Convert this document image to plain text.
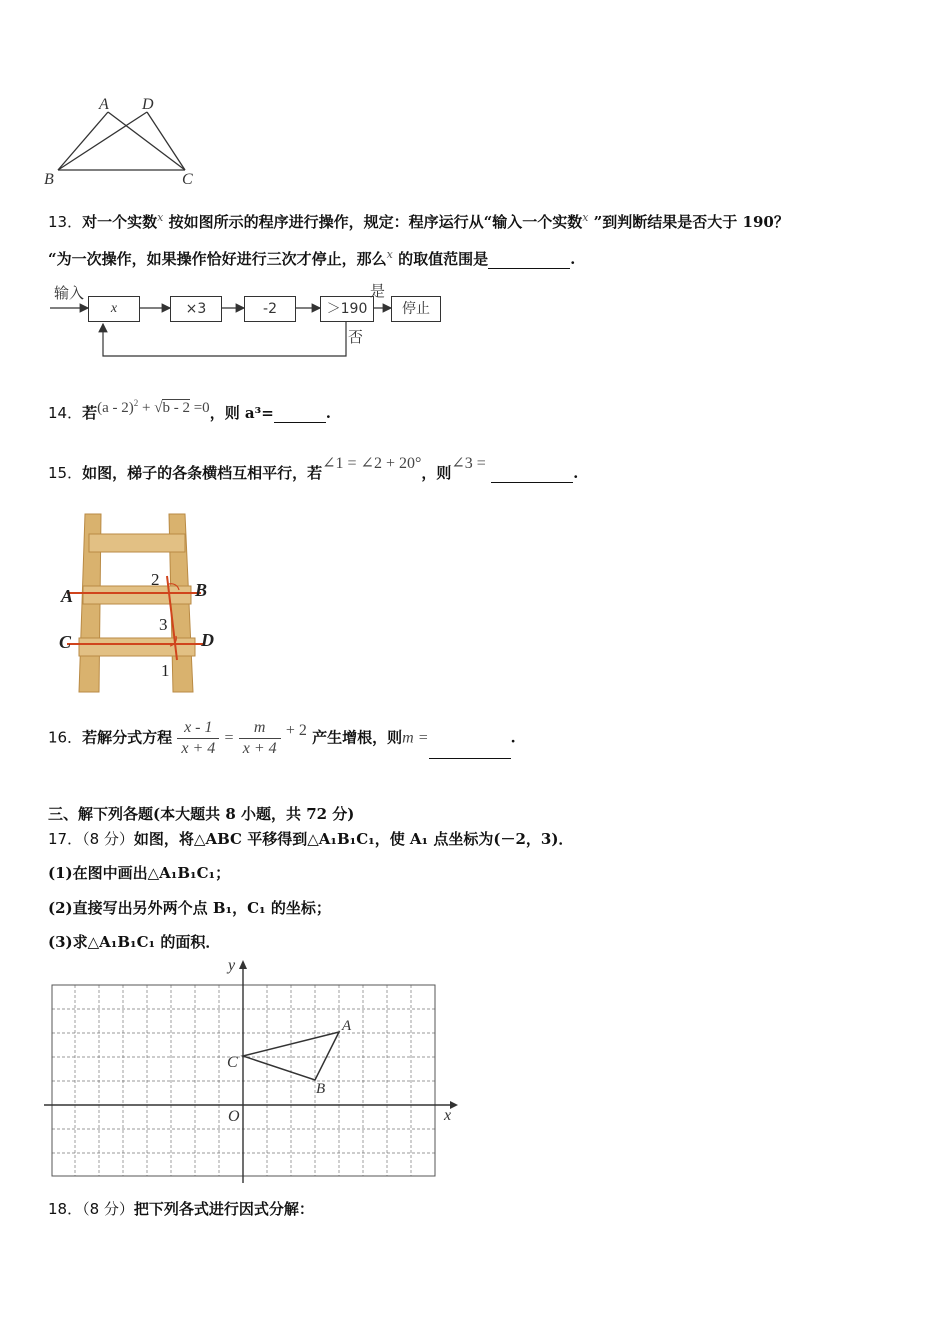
A D
B	C
13．对一个实数$^x$ 按如图所示的程序进行操作，规定：程序运行从“输入一个实数$^x$ ”到判断结果是否大于 190？
“为一次操作，如果操作恰好进行三次才停止，那么$^x$ 的取值范围是	.
输入
x	×3	-2	＞190
是
停止
否
14．若(a - 2)$^2$ + √b - 2 =0，则 a³=	.
15．如图，梯子的各条横档互相平行，若∠1 = ∠2 + 20°，则∠3 = .
A	B
C	D
1
2
3
16．若解分式方程 $\frac{x - 1}{x + 4} = \frac{m}{x + 4} + 2$ 产生增根，则m =	.
三、解下列各题(本大题共 8 小题，共 72 分)
17．（8 分）如图，将△ABC 平移得到△A₁B₁C₁，使 A₁ 点坐标为(－2，3)．
(1)在图中画出△A₁B₁C₁；
(2)直接写出另外两个点 B₁，C₁ 的坐标；
(3)求△A₁B₁C₁ 的面积．
y
x
O
A
B
C
18．（8 分）把下列各式进行因式分解：
